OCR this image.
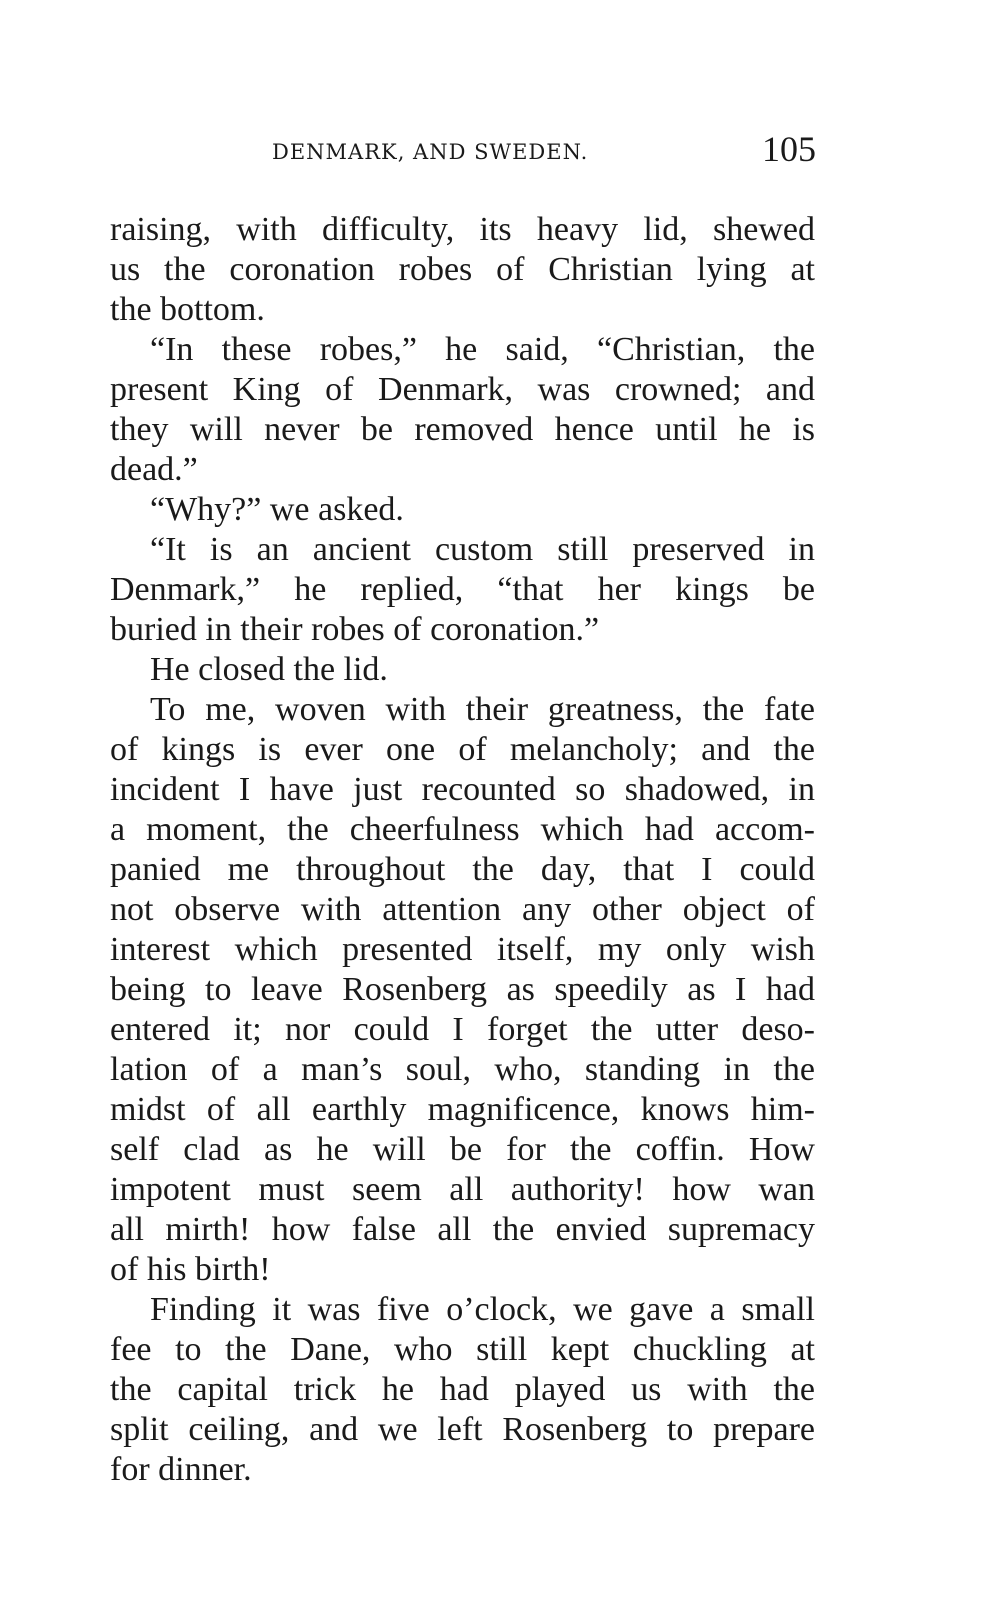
DENMARK, AND SWEDEN.	105
raising, with difficulty, its heavy lid, shewed
us the coronation robes of Christian lying at
the bottom.
“In these robes,” he said, “Christian, the
present King of Denmark, was crowned; and
they will never be removed hence until he is
dead.”
“Why?” we asked.
“It is an ancient custom still preserved in
Denmark,” he replied, “that her kings be
buried in their robes of coronation.”
He closed the lid.
To me, woven with their greatness, the fate
of kings is ever one of melancholy; and the
incident I have just recounted so shadowed, in
a moment, the cheerfulness which had accom-
panied me throughout the day, that I could
not observe with attention any other object of
interest which presented itself, my only wish
being to leave Rosenberg as speedily as I had
entered it; nor could I forget the utter deso-
lation of a man’s soul, who, standing in the
midst of all earthly magnificence, knows him-
self clad as he will be for the coffin. How
impotent must seem all authority! how wan
all mirth! how false all the envied supremacy
of his birth!
Finding it was five o’clock, we gave a small
fee to the Dane, who still kept chuckling at
the capital trick he had played us with the
split ceiling, and we left Rosenberg to prepare
for dinner.
